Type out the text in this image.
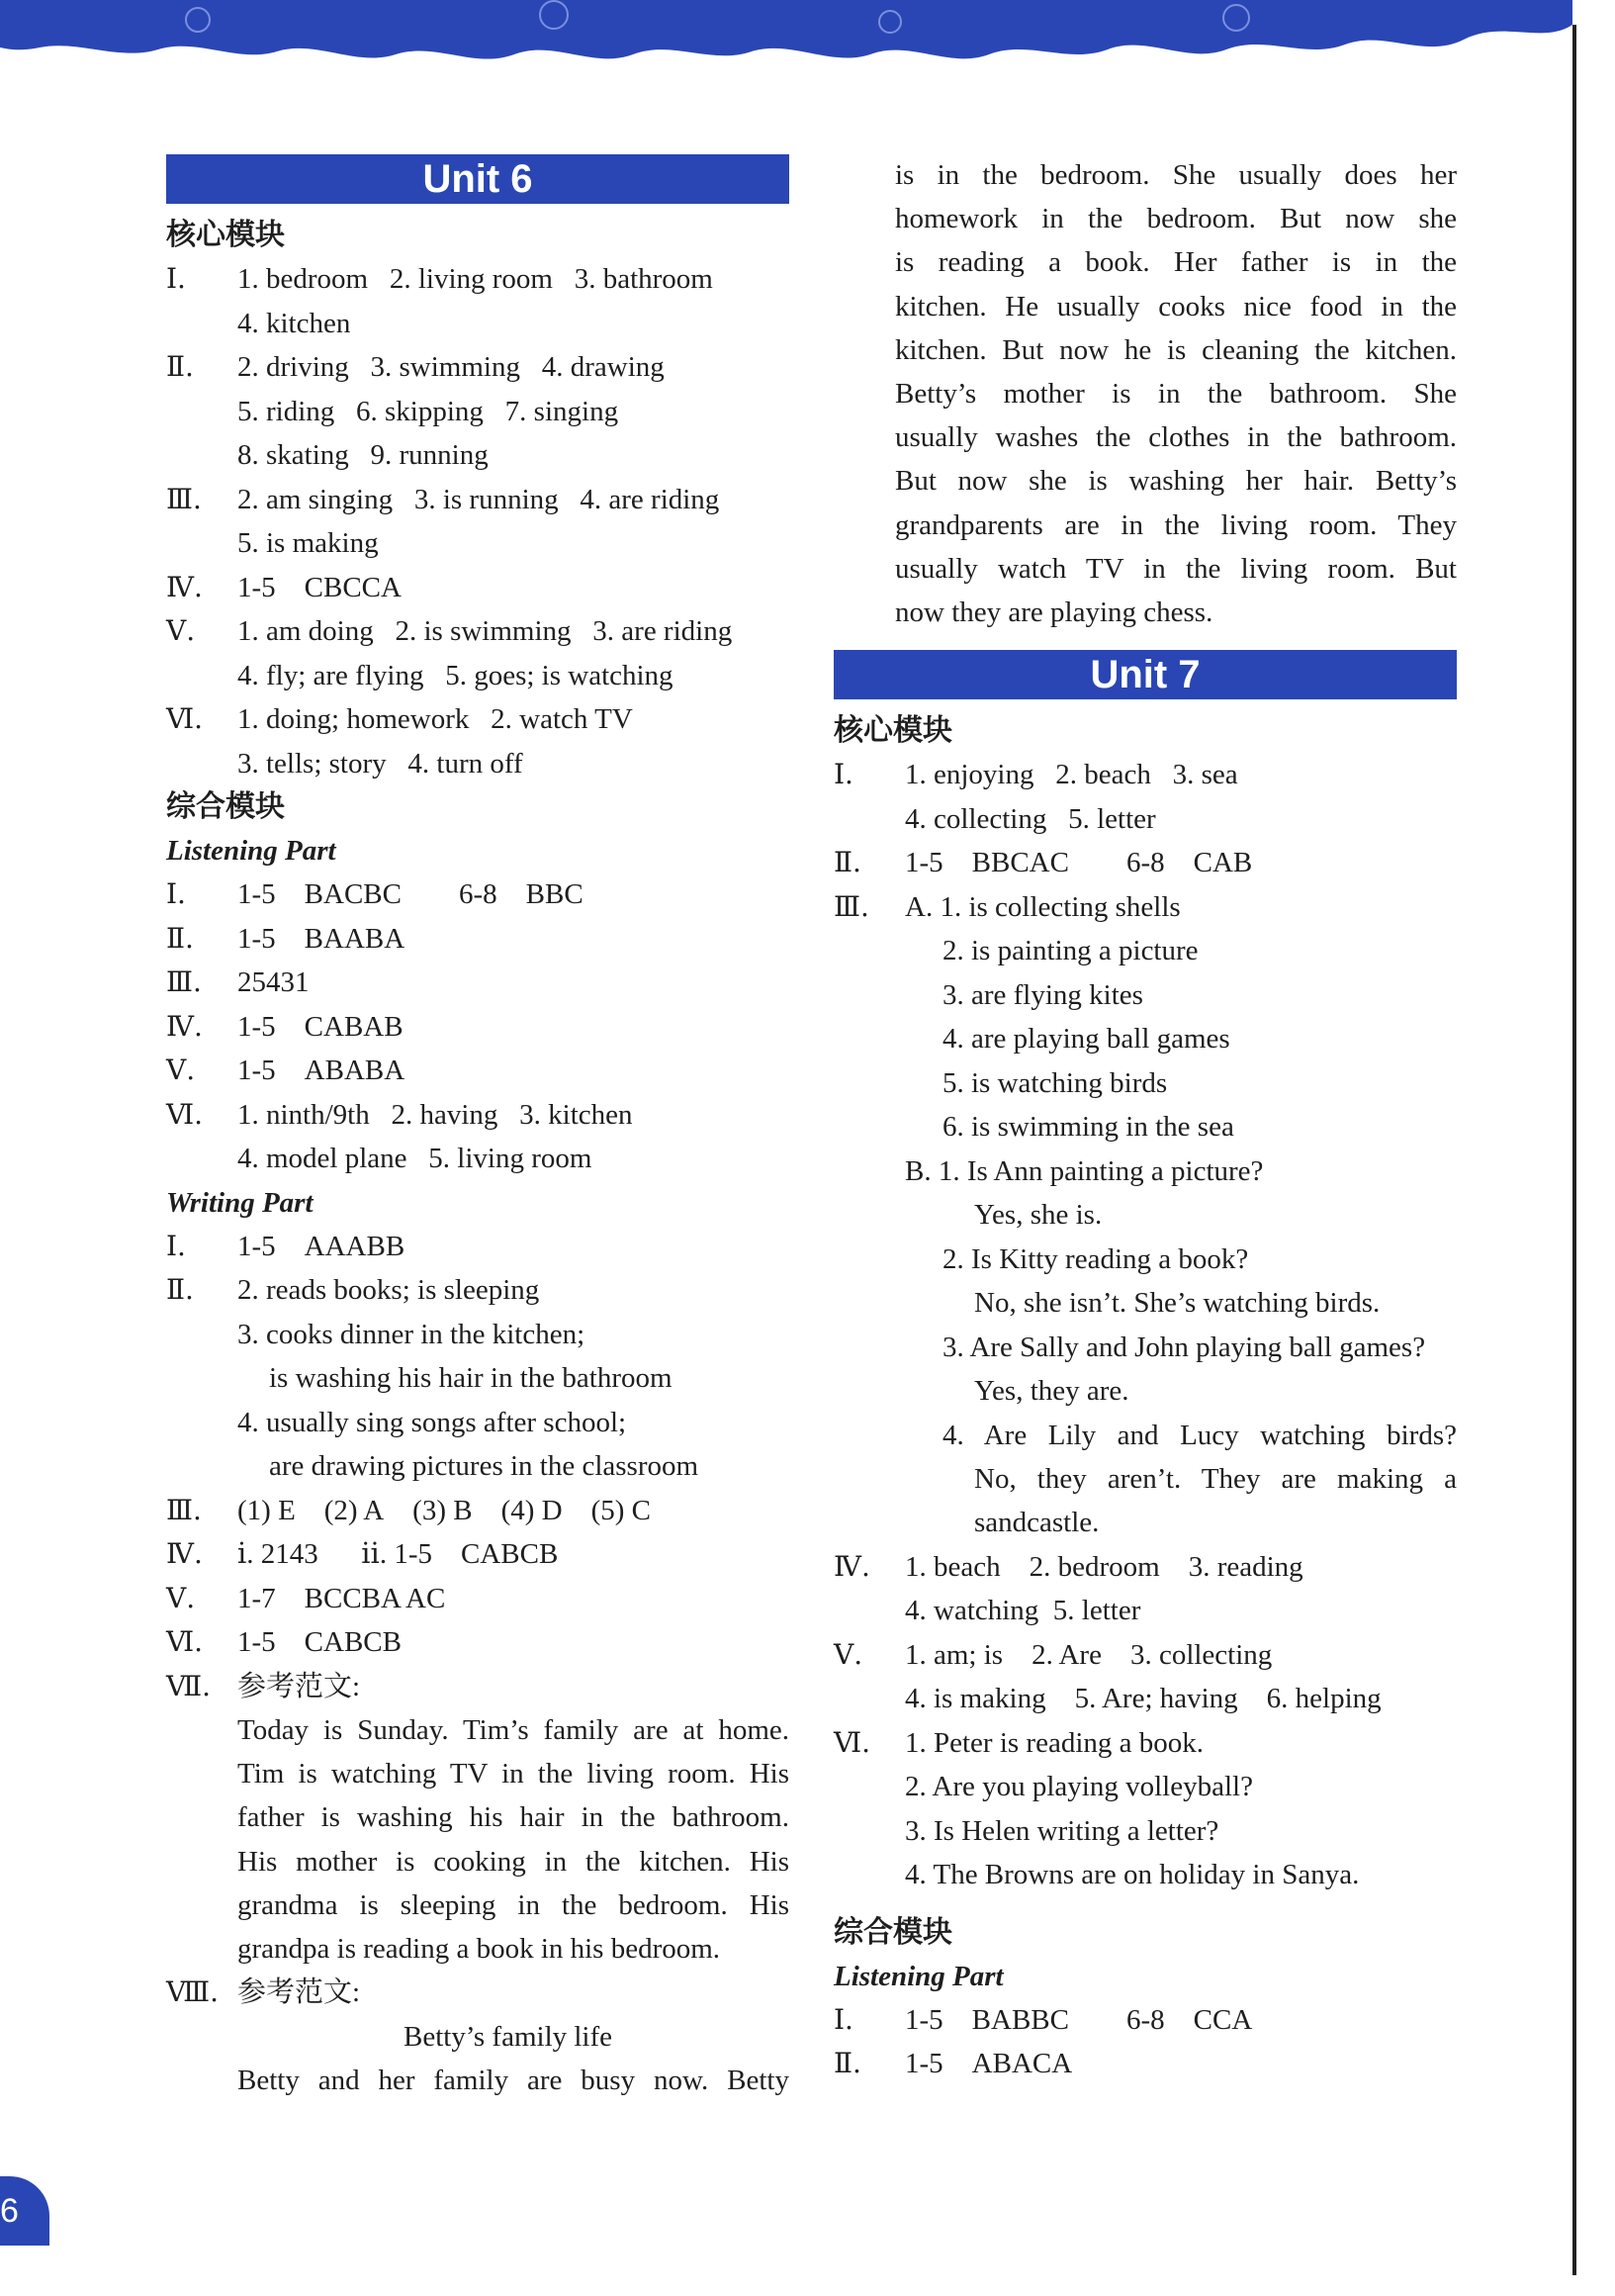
Unit 6
核心模块
Ⅰ. 1. bedroom   2. living room   3. bathroom
4. kitchen
Ⅱ. 2. driving   3. swimming   4. drawing
5. riding   6. skipping   7. singing
8. skating   9. running
Ⅲ. 2. am singing   3. is running   4. are riding
5. is making
Ⅳ. 1-5    CBCCA
Ⅴ. 1. am doing   2. is swimming   3. are riding
4. fly; are flying   5. goes; is watching
Ⅵ. 1. doing; homework   2. watch TV
3. tells; story   4. turn off
综合模块
Listening Part
Ⅰ. 1-5    BACBC        6-8    BBC
Ⅱ. 1-5    BAABA
Ⅲ. 25431
Ⅳ. 1-5    CABAB
Ⅴ. 1-5    ABABA
Ⅵ. 1. ninth/9th   2. having   3. kitchen
4. model plane   5. living room
Writing Part
Ⅰ. 1-5    AAABB
Ⅱ. 2. reads books; is sleeping
3. cooks dinner in the kitchen;
is washing his hair in the bathroom
4. usually sing songs after school;
are drawing pictures in the classroom
Ⅲ. (1) E    (2) A    (3) B    (4) D    (5) C
Ⅳ. ⅰ. 2143      ⅱ. 1-5    CABCB
Ⅴ. 1-7    BCCBA AC
Ⅵ. 1-5    CABCB
Ⅶ. 参考范文:
Today is Sunday. Tim’s family are at home.
Tim is watching TV in the living room. His
father is washing his hair in the bathroom.
His mother is cooking in the kitchen. His
grandma is sleeping in the bedroom. His
grandpa is reading a book in his bedroom.
Ⅷ. 参考范文:
Betty’s family life
Betty and her family are busy now. Betty
is in the bedroom. She usually does her
homework in the bedroom. But now she
is reading a book. Her father is in the
kitchen. He usually cooks nice food in the
kitchen. But now he is cleaning the kitchen.
Betty’s mother is in the bathroom. She
usually washes the clothes in the bathroom.
But now she is washing her hair. Betty’s
grandparents are in the living room. They
usually watch TV in the living room. But
now they are playing chess.
Unit 7
核心模块
Ⅰ. 1. enjoying   2. beach   3. sea
4. collecting   5. letter
Ⅱ. 1-5    BBCAC        6-8    CAB
Ⅲ. A. 1. is collecting shells
2. is painting a picture
3. are flying kites
4. are playing ball games
5. is watching birds
6. is swimming in the sea
B. 1. Is Ann painting a picture?
Yes, she is.
2. Is Kitty reading a book?
No, she isn’t. She’s watching birds.
3. Are Sally and John playing ball games?
Yes, they are.
4. Are Lily and Lucy watching birds?
No, they aren’t. They are making a
sandcastle.
Ⅳ. 1. beach    2. bedroom    3. reading
4. watching  5. letter
Ⅴ. 1. am; is    2. Are    3. collecting
4. is making    5. Are; having    6. helping
Ⅵ. 1. Peter is reading a book.
2. Are you playing volleyball?
3. Is Helen writing a letter?
4. The Browns are on holiday in Sanya.
综合模块
Listening Part
Ⅰ. 1-5    BABBC        6-8    CCA
Ⅱ. 1-5    ABACA
6
